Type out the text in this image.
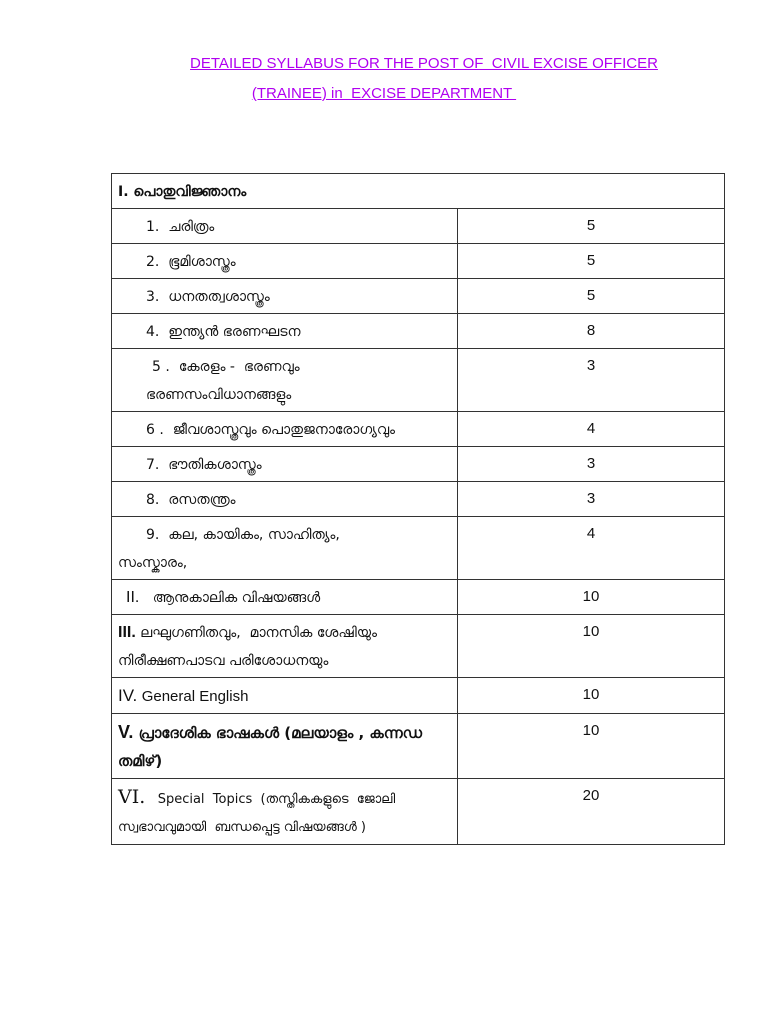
DETAILED SYLLABUS FOR THE POST OF  CIVIL EXCISE OFFICER
(TRAINEE) in  EXCISE DEPARTMENT
I. പൊതുവിജ്ഞാനം	
1.  ചരിത്രം	5
2.  ഭൂമിശാസ്ത്രം	5
3.  ധനതത്വശാസ്ത്രം	5
4.  ഇന്ത്യൻ ഭരണഘടന	8

5 .  കേരളം -  ഭരണവും
ഭരണസംവിധാനങ്ങളും	3
6 .  ജീവശാസ്ത്രവും പൊതുജനാരോഗ്യവും	4
7.  ഭൗതികശാസ്ത്രം	3
8.  രസതന്ത്രം	3

9.  കല, കായികം, സാഹിത്യം,
സംസ്കാരം,	4
II. ആനുകാലിക വിഷയങ്ങൾ	10

III. ലഘുഗണിതവും,  മാനസിക ശേഷിയും
നിരീക്ഷണപാടവ പരിശോധനയും	10
IV. General English	10

V. പ്രാദേശിക ഭാഷകൾ (മലയാളം , കന്നഡ
തമിഴ്)	10

VI. Special  Topics  (തസ്തികകളുടെ  ജോലി
സ്വഭാവവുമായി  ബന്ധപ്പെട്ട വിഷയങ്ങൾ )	20
